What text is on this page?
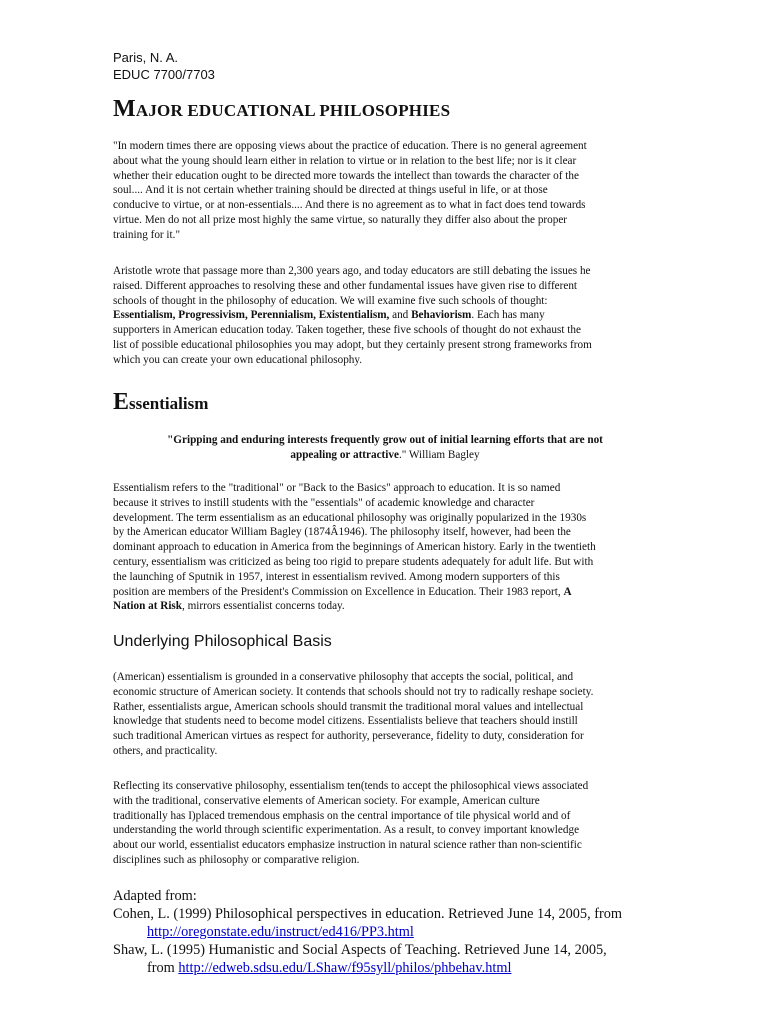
Paris, N. A.
EDUC 7700/7703
MAJOR EDUCATIONAL PHILOSOPHIES
"In modern times there are opposing views about the practice of education. There is no general agreement
about what the young should learn either in relation to virtue or in relation to the best life; nor is it clear
whether their education ought to be directed more towards the intellect than towards the character of the
soul.... And it is not certain whether training should be directed at things useful in life, or at those
conducive to virtue, or at non-essentials.... And there is no agreement as to what in fact does tend towards
virtue. Men do not all prize most highly the same virtue, so naturally they differ also about the proper
training for it."
Aristotle wrote that passage more than 2,300 years ago, and today educators are still debating the issues he
raised. Different approaches to resolving these and other fundamental issues have given rise to different
schools of thought in the philosophy of education. We will examine five such schools of thought:
Essentialism, Progressivism, Perennialism, Existentialism, and Behaviorism. Each has many
supporters in American education today. Taken together, these five schools of thought do not exhaust the
list of possible educational philosophies you may adopt, but they certainly present strong frameworks from
which you can create your own educational philosophy.
Essentialism
"Gripping and enduring interests frequently grow out of initial learning efforts that are not
appealing or attractive." William Bagley
Essentialism refers to the "traditional" or "Back to the Basics" approach to education. It is so named
because it strives to instill students with the "essentials" of academic knowledge and character
development. The term essentialism as an educational philosophy was originally popularized in the 1930s
by the American educator William Bagley (1874Â1946). The philosophy itself, however, had been the
dominant approach to education in America from the beginnings of American history. Early in the twentieth
century, essentialism was criticized as being too rigid to prepare students adequately for adult life. But with
the launching of Sputnik in 1957, interest in essentialism revived. Among modern supporters of this
position are members of the President's Commission on Excellence in Education. Their 1983 report, A
Nation at Risk, mirrors essentialist concerns today.
Underlying Philosophical Basis
(American) essentialism is grounded in a conservative philosophy that accepts the social, political, and
economic structure of American society. It contends that schools should not try to radically reshape society.
Rather, essentialists argue, American schools should transmit the traditional moral values and intellectual
knowledge that students need to become model citizens. Essentialists believe that teachers should instill
such traditional American virtues as respect for authority, perseverance, fidelity to duty, consideration for
others, and practicality.
Reflecting its conservative philosophy, essentialism ten(tends to accept the philosophical views associated
with the traditional, conservative elements of American society. For example, American culture
traditionally has I)placed tremendous emphasis on the central importance of tile physical world and of
understanding the world through scientific experimentation. As a result, to convey important knowledge
about our world, essentialist educators emphasize instruction in natural science rather than non-scientific
disciplines such as philosophy or comparative religion.
Adapted from:
Cohen, L. (1999) Philosophical perspectives in education. Retrieved June 14, 2005, from
http://oregonstate.edu/instruct/ed416/PP3.html
Shaw, L. (1995) Humanistic and Social Aspects of Teaching. Retrieved June 14, 2005,
from http://edweb.sdsu.edu/LShaw/f95syll/philos/phbehav.html
